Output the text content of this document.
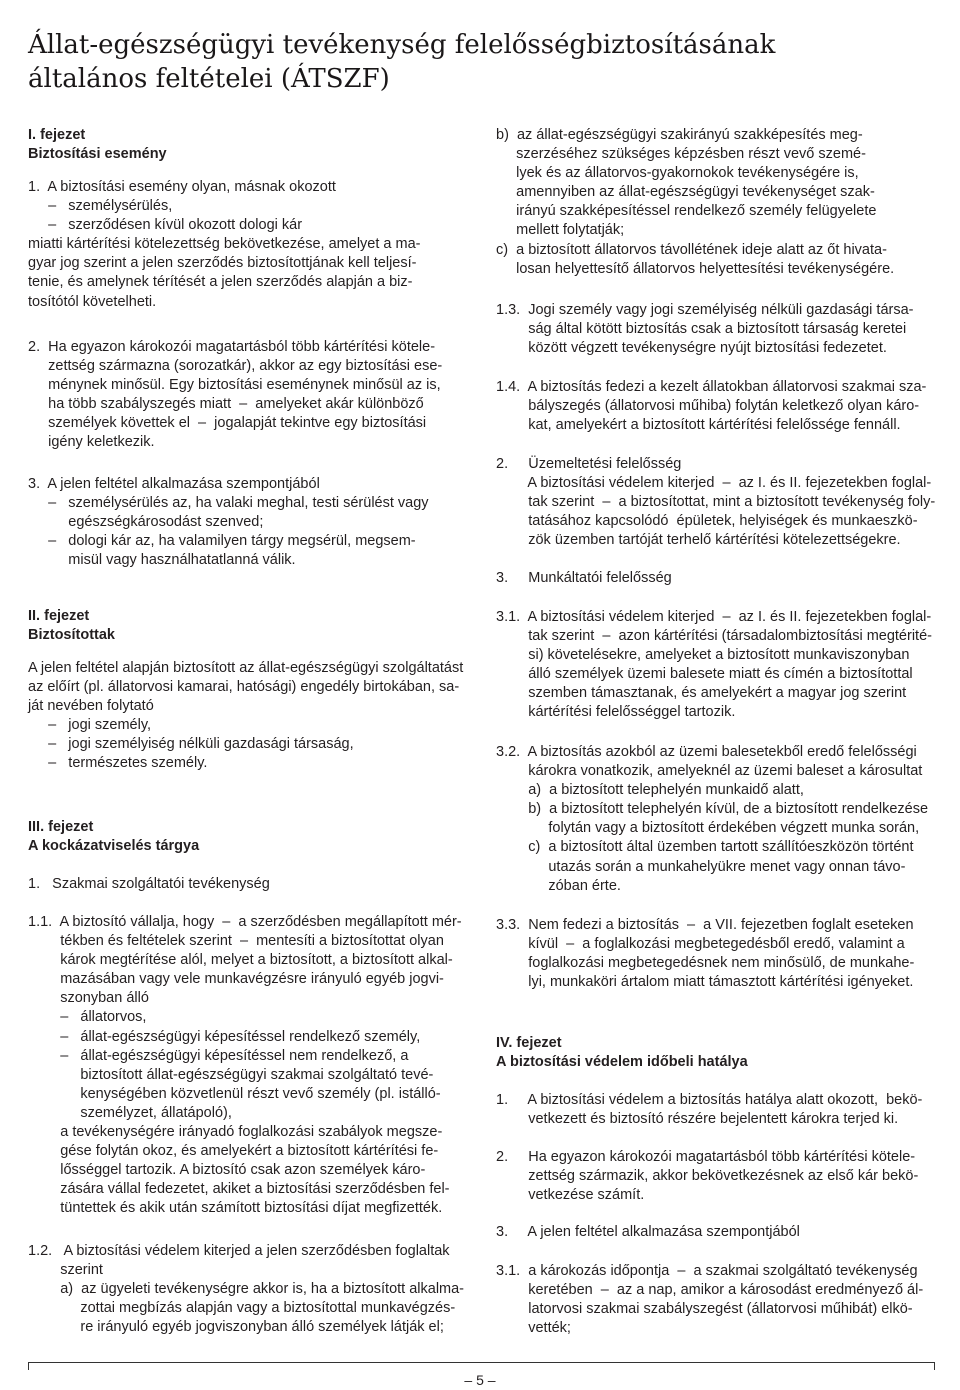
Állat-egészségügyi tevékenység felelősségbiztosításának
általános feltételei (ÁTSZF)
I. fejezet
Biztosítási esemény
1.  A biztosítási esemény olyan, másnak okozott
–   személysérülés,
–   szerződésen kívül okozott dologi kár
miatti kártérítési kötelezettség bekövetkezése, amelyet a ma-
gyar jog szerint a jelen szerződés biztosítottjának kell teljesí-
tenie, és amelynek térítését a jelen szerződés alapján a biz-
tosítótól követelheti.
2.  Ha egyazon károkozói magatartásból több kártérítési kötele-
zettség származna (sorozatkár), akkor az egy biztosítási ese-
ménynek minősül. Egy biztosítási eseménynek minősül az is,
ha több szabályszegés miatt  –  amelyeket akár különböző
személyek követtek el  –  jogalapját tekintve egy biztosítási
igény keletkezik.
3.  A jelen feltétel alkalmazása szempontjából
–   személysérülés az, ha valaki meghal, testi sérülést vagy
egészségkárosodást szenved;
–   dologi kár az, ha valamilyen tárgy megsérül, megsem-
misül vagy használhatatlanná válik.
II. fejezet
Biztosítottak
A jelen feltétel alapján biztosított az állat-egészségügyi szolgáltatást
az előírt (pl. állatorvosi kamarai, hatósági) engedély birtokában, sa-
ját nevében folytató
–   jogi személy,
–   jogi személyiség nélküli gazdasági társaság,
–   természetes személy.
III. fejezet
A kockázatviselés tárgya
1.   Szakmai szolgáltatói tevékenység
1.1.  A biztosító vállalja, hogy  –  a szerződésben megállapított mér-
tékben és feltételek szerint  –  mentesíti a biztosítottat olyan
károk megtérítése alól, melyet a biztosított, a biztosított alkal-
mazásában vagy vele munkavégzésre irányuló egyéb jogvi-
szonyban álló
–   állatorvos,
–   állat-egészségügyi képesítéssel rendelkező személy,
–   állat-egészségügyi képesítéssel nem rendelkező, a
biztosított állat-egészségügyi szakmai szolgáltató tevé-
kenységében közvetlenül részt vevő személy (pl. istálló-
személyzet, állatápoló),
a tevékenységére irányadó foglalkozási szabályok megsze-
gése folytán okoz, és amelyekért a biztosított kártérítési fe-
lősséggel tartozik. A biztosító csak azon személyek káro-
zására vállal fedezetet, akiket a biztosítási szerződésben fel-
tüntettek és akik után számított biztosítási díjat megfizették.
1.2.   A biztosítási védelem kiterjed a jelen szerződésben foglaltak
szerint
a)  az ügyeleti tevékenységre akkor is, ha a biztosított alkalma-
zottai megbízás alapján vagy a biztosítottal munkavégzés-
re irányuló egyéb jogviszonyban álló személyek látják el;
b)  az állat-egészségügyi szakirányú szakképesítés meg-
szerzéséhez szükséges képzésben részt vevő szemé-
lyek és az állatorvos-gyakornokok tevékenységére is,
amennyiben az állat-egészségügyi tevékenységet szak-
irányú szakképesítéssel rendelkező személy felügyelete
mellett folytatják;
c)  a biztosított állatorvos távollétének ideje alatt az őt hivata-
losan helyettesítő állatorvos helyettesítési tevékenységére.
1.3.  Jogi személy vagy jogi személyiség nélküli gazdasági társa-
ság által kötött biztosítás csak a biztosított társaság keretei
között végzett tevékenységre nyújt biztosítási fedezetet.
1.4.  A biztosítás fedezi a kezelt állatokban állatorvosi szakmai sza-
bályszegés (állatorvosi műhiba) folytán keletkező olyan káro-
kat, amelyekért a biztosított kártérítési felelőssége fennáll.
2.     Üzemeltetési felelősség
A biztosítási védelem kiterjed  –  az I. és II. fejezetekben foglal-
tak szerint  –  a biztosítottat, mint a biztosított tevékenység foly-
tatásához kapcsolódó  épületek, helyiségek és munkaeszkö-
zök üzemben tartóját terhelő kártérítési kötelezettségekre.
3.     Munkáltatói felelősség
3.1.  A biztosítási védelem kiterjed  –  az I. és II. fejezetekben foglal-
tak szerint  –  azon kártérítési (társadalombiztosítási megtérité-
si) követelésekre, amelyeket a biztosított munkaviszonyban
álló személyek üzemi balesete miatt és címén a biztosítottal
szemben támasztanak, és amelyekért a magyar jog szerint
kártérítési felelősséggel tartozik.
3.2.  A biztosítás azokból az üzemi balesetekből eredő felelősségi
károkra vonatkozik, amelyeknél az üzemi baleset a károsultat
a)  a biztosított telephelyén munkaidő alatt,
b)  a biztosított telephelyén kívül, de a biztosított rendelkezése
folytán vagy a biztosított érdekében végzett munka során,
c)  a biztosított által üzemben tartott szállítóeszközön történt
utazás során a munkahelyükre menet vagy onnan távo-
zóban érte.
3.3.  Nem fedezi a biztosítás  –  a VII. fejezetben foglalt eseteken
kívül  –  a foglalkozási megbetegedésből eredő, valamint a
foglalkozási megbetegedésnek nem minősülő, de munkahe-
lyi, munkaköri ártalom miatt támasztott kártérítési igényeket.
IV. fejezet
A biztosítási védelem időbeli hatálya
1.     A biztosítási védelem a biztosítás hatálya alatt okozott,  bekö-
vetkezett és biztosító részére bejelentett károkra terjed ki.
2.     Ha egyazon károkozói magatartásból több kártérítési kötele-
zettség származik, akkor bekövetkezésnek az első kár bekö-
vetkezése számít.
3.     A jelen feltétel alkalmazása szempontjából
3.1.  a károkozás időpontja  –  a szakmai szolgáltató tevékenység
keretében  –  az a nap, amikor a károsodást eredményező ál-
latorvosi szakmai szabályszegést (állatorvosi műhibát) elkö-
vették;
– 5 –
